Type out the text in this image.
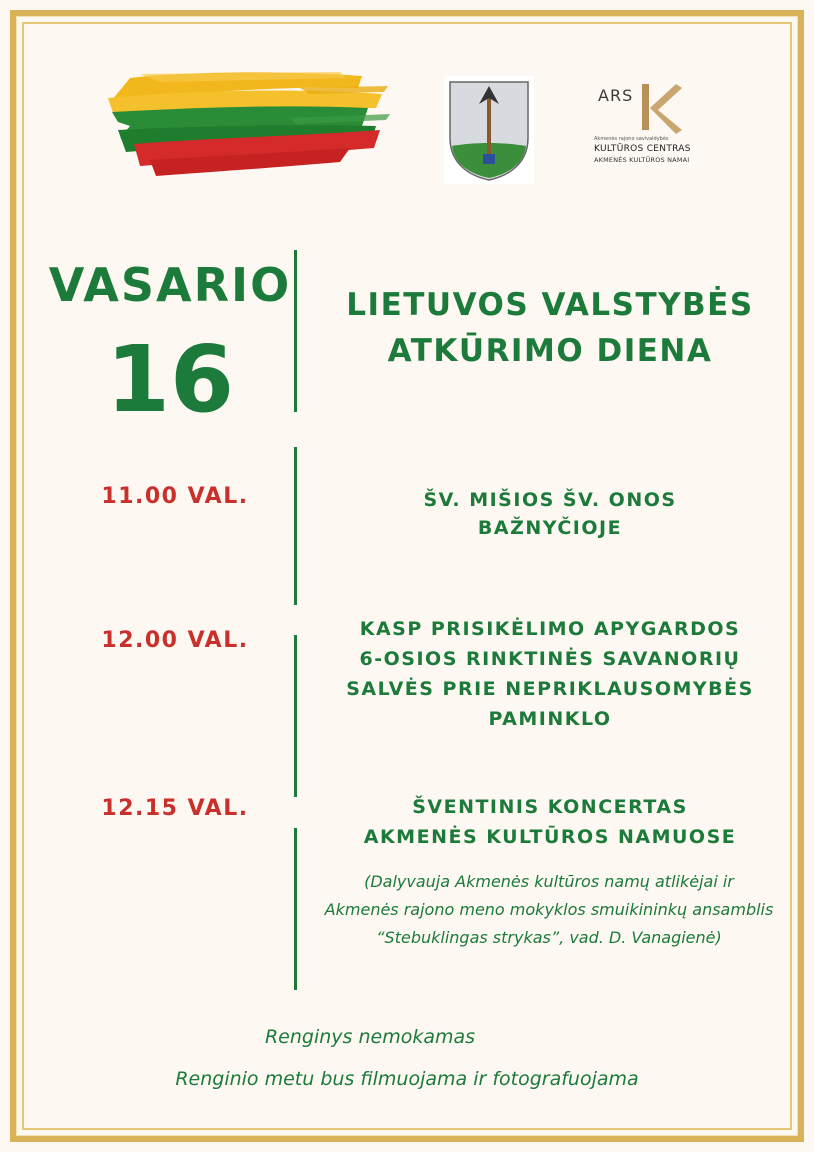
ARS
Akmenės rajono savivaldybės
KULTŪROS CENTRAS
AKMENĖS KULTŪROS NAMAI
VASARIO
16
LIETUVOS VALSTYBĖS
ATKŪRIMO DIENA
11.00 VAL.	ŠV. MIŠIOS ŠV. ONOS
BAŽNYČIOJE
12.00 VAL.	KASP PRISIKĖLIMO APYGARDOS
6-OSIOS RINKTINĖS SAVANORIŲ
SALVĖS PRIE NEPRIKLAUSOMYBĖS
PAMINKLO
12.15 VAL.	ŠVENTINIS KONCERTAS
AKMENĖS KULTŪROS NAMUOSE
(Dalyvauja Akmenės kultūros namų atlikėjai ir
Akmenės rajono meno mokyklos smuikininkų ansamblis
“Stebuklingas strykas”, vad. D. Vanagienė)
Renginys nemokamas
Renginio metu bus filmuojama ir fotografuojama
